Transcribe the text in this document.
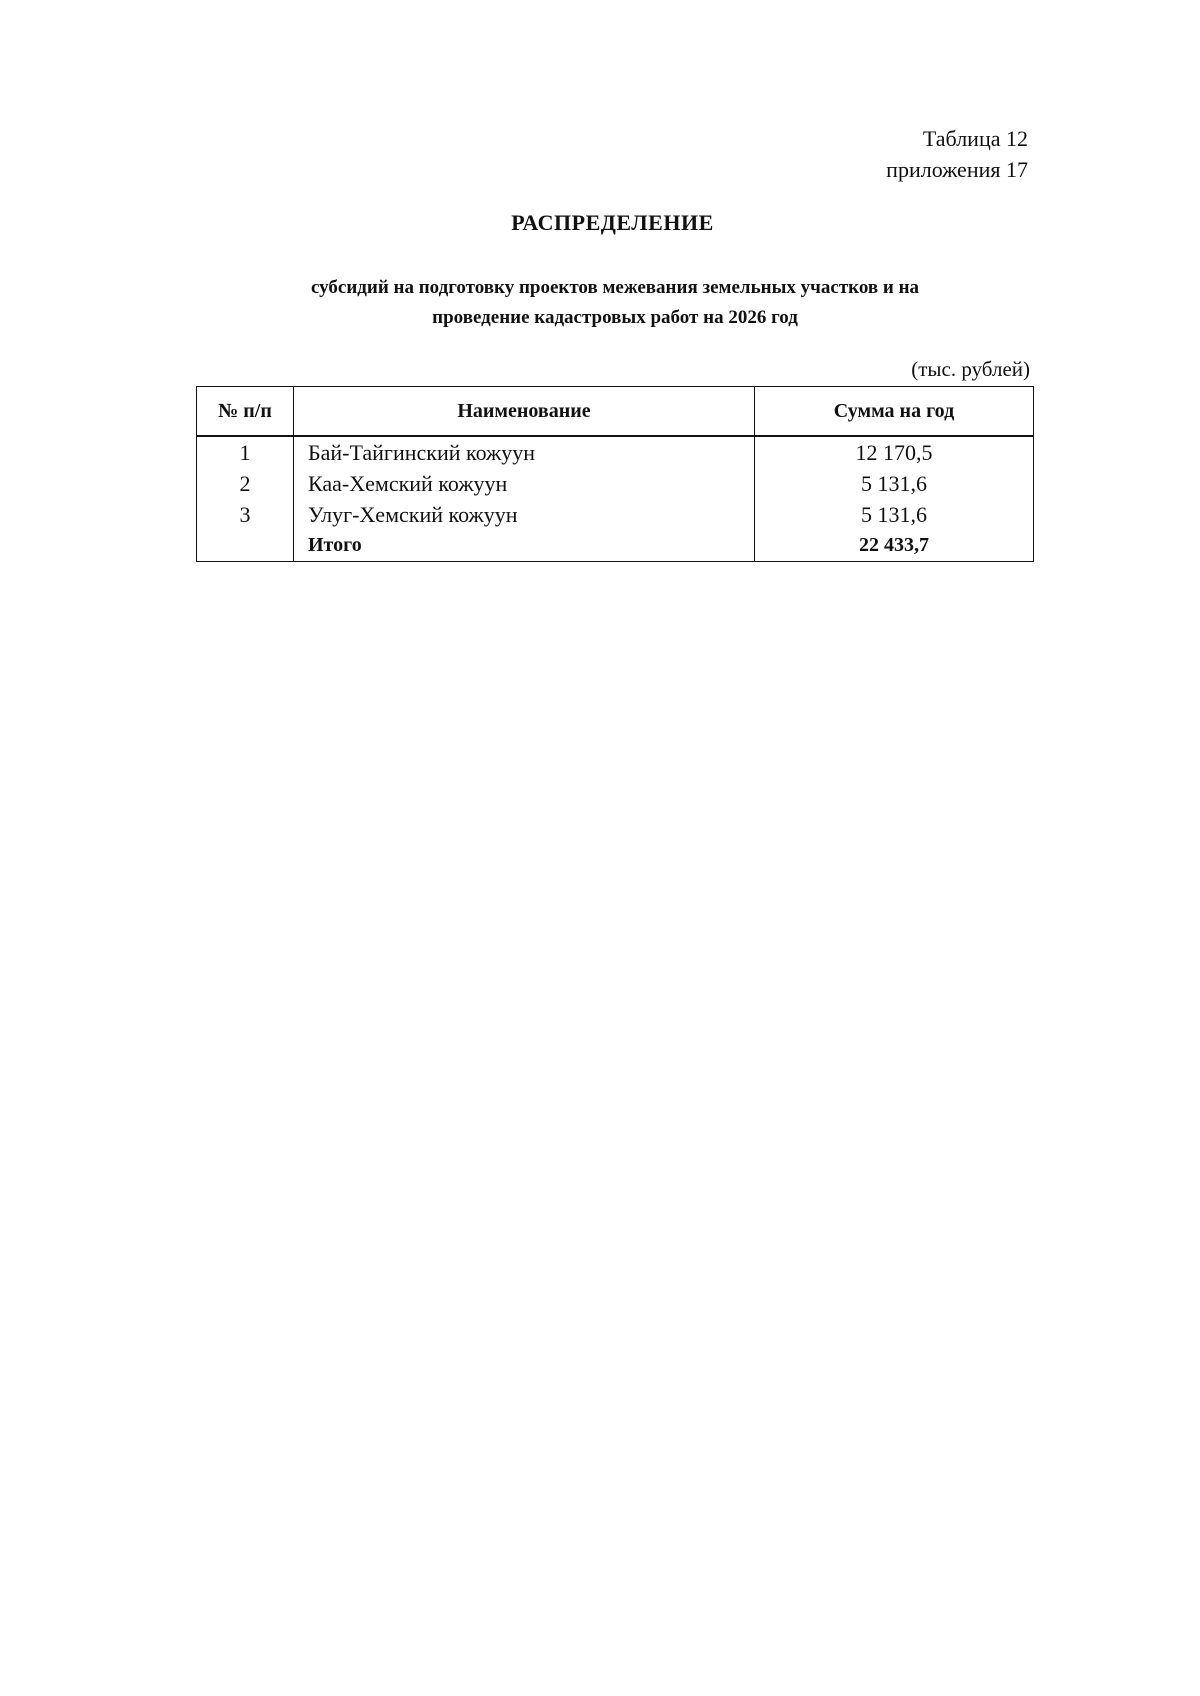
Таблица 12
приложения 17
РАСПРЕДЕЛЕНИЕ
субсидий на подготовку проектов межевания земельных участков и на
проведение кадастровых работ на 2026 год
(тыс. рублей)
№ п/п	Наименование	Сумма на год
1	Бай-Тайгинский кожуун	12 170,5
2	Каа-Хемский кожуун	5 131,6
3	Улуг-Хемский кожуун	5 131,6
	Итого	22 433,7
